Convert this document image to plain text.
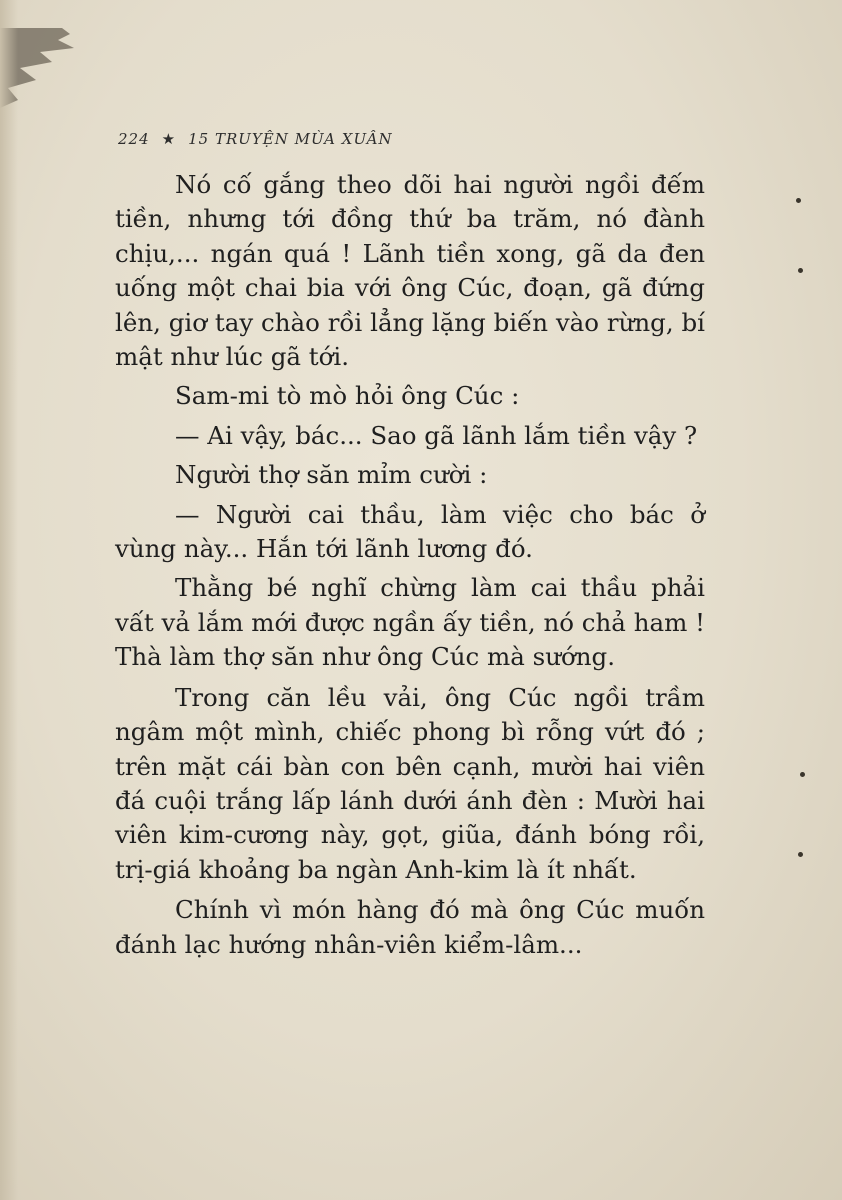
224 ★ 15 TRUYỆN MÙA XUÂN

Nó cố gắng theo dõi hai người ngồi đếm tiền, nhưng tới đồng thứ ba trăm, nó đành chịu,... ngán quá ! Lãnh tiền xong, gã da đen uống một chai bia với ông Cúc, đoạn, gã đứng lên, giơ tay chào rồi lẳng lặng biến vào rừng, bí mật như lúc gã tới.

Sam-mi tò mò hỏi ông Cúc :

— Ai vậy, bác... Sao gã lãnh lắm tiền vậy ?

Người thợ săn mỉm cười :

— Người cai thầu, làm việc cho bác ở vùng này... Hắn tới lãnh lương đó.

Thằng bé nghĩ chừng làm cai thầu phải vất vả lắm mới được ngần ấy tiền, nó chả ham ! Thà làm thợ săn như ông Cúc mà sướng.

Trong căn lều vải, ông Cúc ngồi trầm ngâm một mình, chiếc phong bì rỗng vứt đó ; trên mặt cái bàn con bên cạnh, mười hai viên đá cuội trắng lấp lánh dưới ánh đèn : Mười hai viên kim-cương này, gọt, giũa, đánh bóng rồi, trị-giá khoảng ba ngàn Anh-kim là ít nhất.

Chính vì món hàng đó mà ông Cúc muốn đánh lạc hướng nhân-viên kiểm-lâm...
